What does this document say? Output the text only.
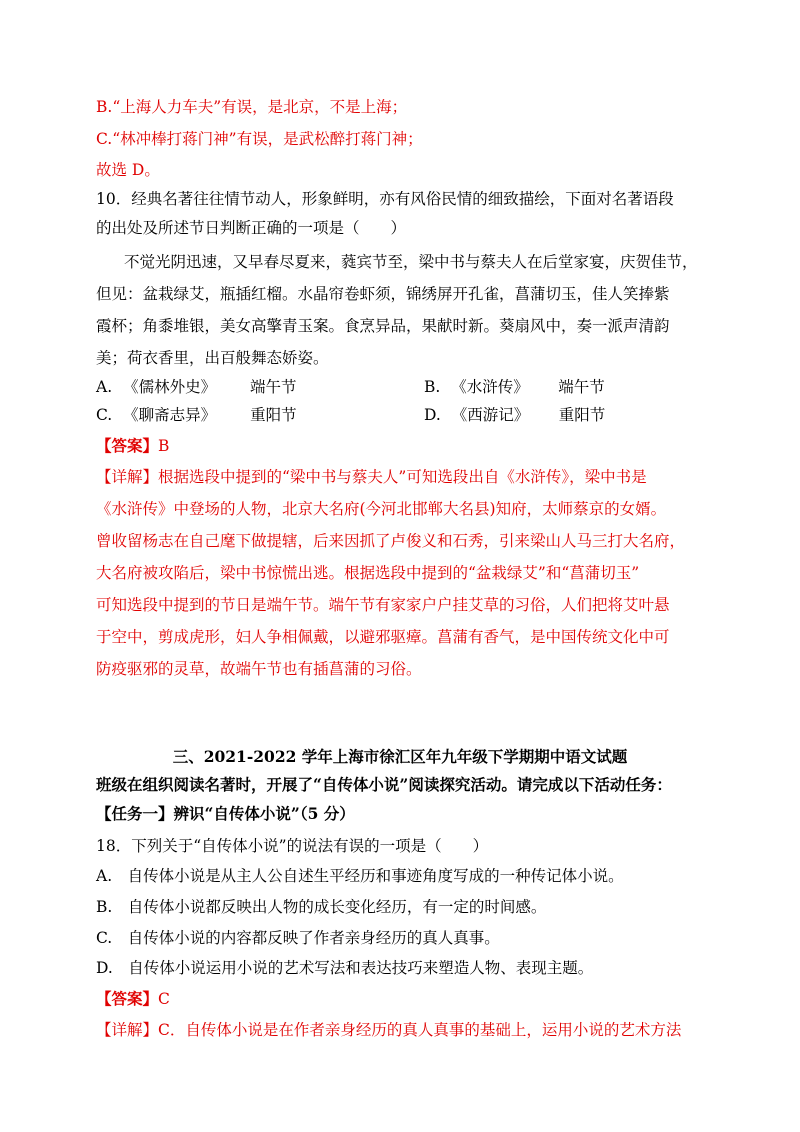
B.“上海人力车夫”有误，是北京，不是上海；
C.“林冲棒打蒋门神”有误，是武松醉打蒋门神；
故选 D。
10．经典名著往往情节动人，形象鲜明，亦有风俗民情的细致描绘，下面对名著语段
的出处及所述节日判断正确的一项是（　　）
不觉光阴迅速，又早春尽夏来，蕤宾节至，梁中书与蔡夫人在后堂家宴，庆贺佳节，
但见：盆栽绿艾，瓶插红榴。水晶帘卷虾须，锦绣屏开孔雀，菖蒲切玉，佳人笑捧紫
霞杯；角黍堆银，美女高擎青玉案。食烹异品，果献时新。葵扇风中，奏一派声清韵
美；荷衣香里，出百般舞态娇姿。
A. 《儒林外史》 端午节	B. 《水浒传》 端午节
C. 《聊斋志异》 重阳节	D. 《西游记》 重阳节
【答案】B
【详解】根据选段中提到的“梁中书与蔡夫人”可知选段出自《水浒传》，梁中书是
《水浒传》中登场的人物，北京大名府(今河北邯郸大名县)知府，太师蔡京的女婿。
曾收留杨志在自己麾下做提辖，后来因抓了卢俊义和石秀，引来梁山人马三打大名府，
大名府被攻陷后，梁中书惊慌出逃。根据选段中提到的“盆栽绿艾”和“菖蒲切玉”
可知选段中提到的节日是端午节。端午节有家家户户挂艾草的习俗，人们把将艾叶悬
于空中，剪成虎形，妇人争相佩戴，以避邪驱瘴。菖蒲有香气，是中国传统文化中可
防疫驱邪的灵草，故端午节也有插菖蒲的习俗。
三、2021-2022 学年上海市徐汇区年九年级下学期期中语文试题
班级在组织阅读名著时，开展了“自传体小说”阅读探究活动。请完成以下活动任务：
【任务一】辨识“自传体小说”（5 分）
18．下列关于“自传体小说”的说法有误的一项是（　　）
A.　自传体小说是从主人公自述生平经历和事迹角度写成的一种传记体小说。
B.　自传体小说都反映出人物的成长变化经历，有一定的时间感。
C.　自传体小说的内容都反映了作者亲身经历的真人真事。
D.　自传体小说运用小说的艺术写法和表达技巧来塑造人物、表现主题。
【答案】C
【详解】C．自传体小说是在作者亲身经历的真人真事的基础上，运用小说的艺术方法
